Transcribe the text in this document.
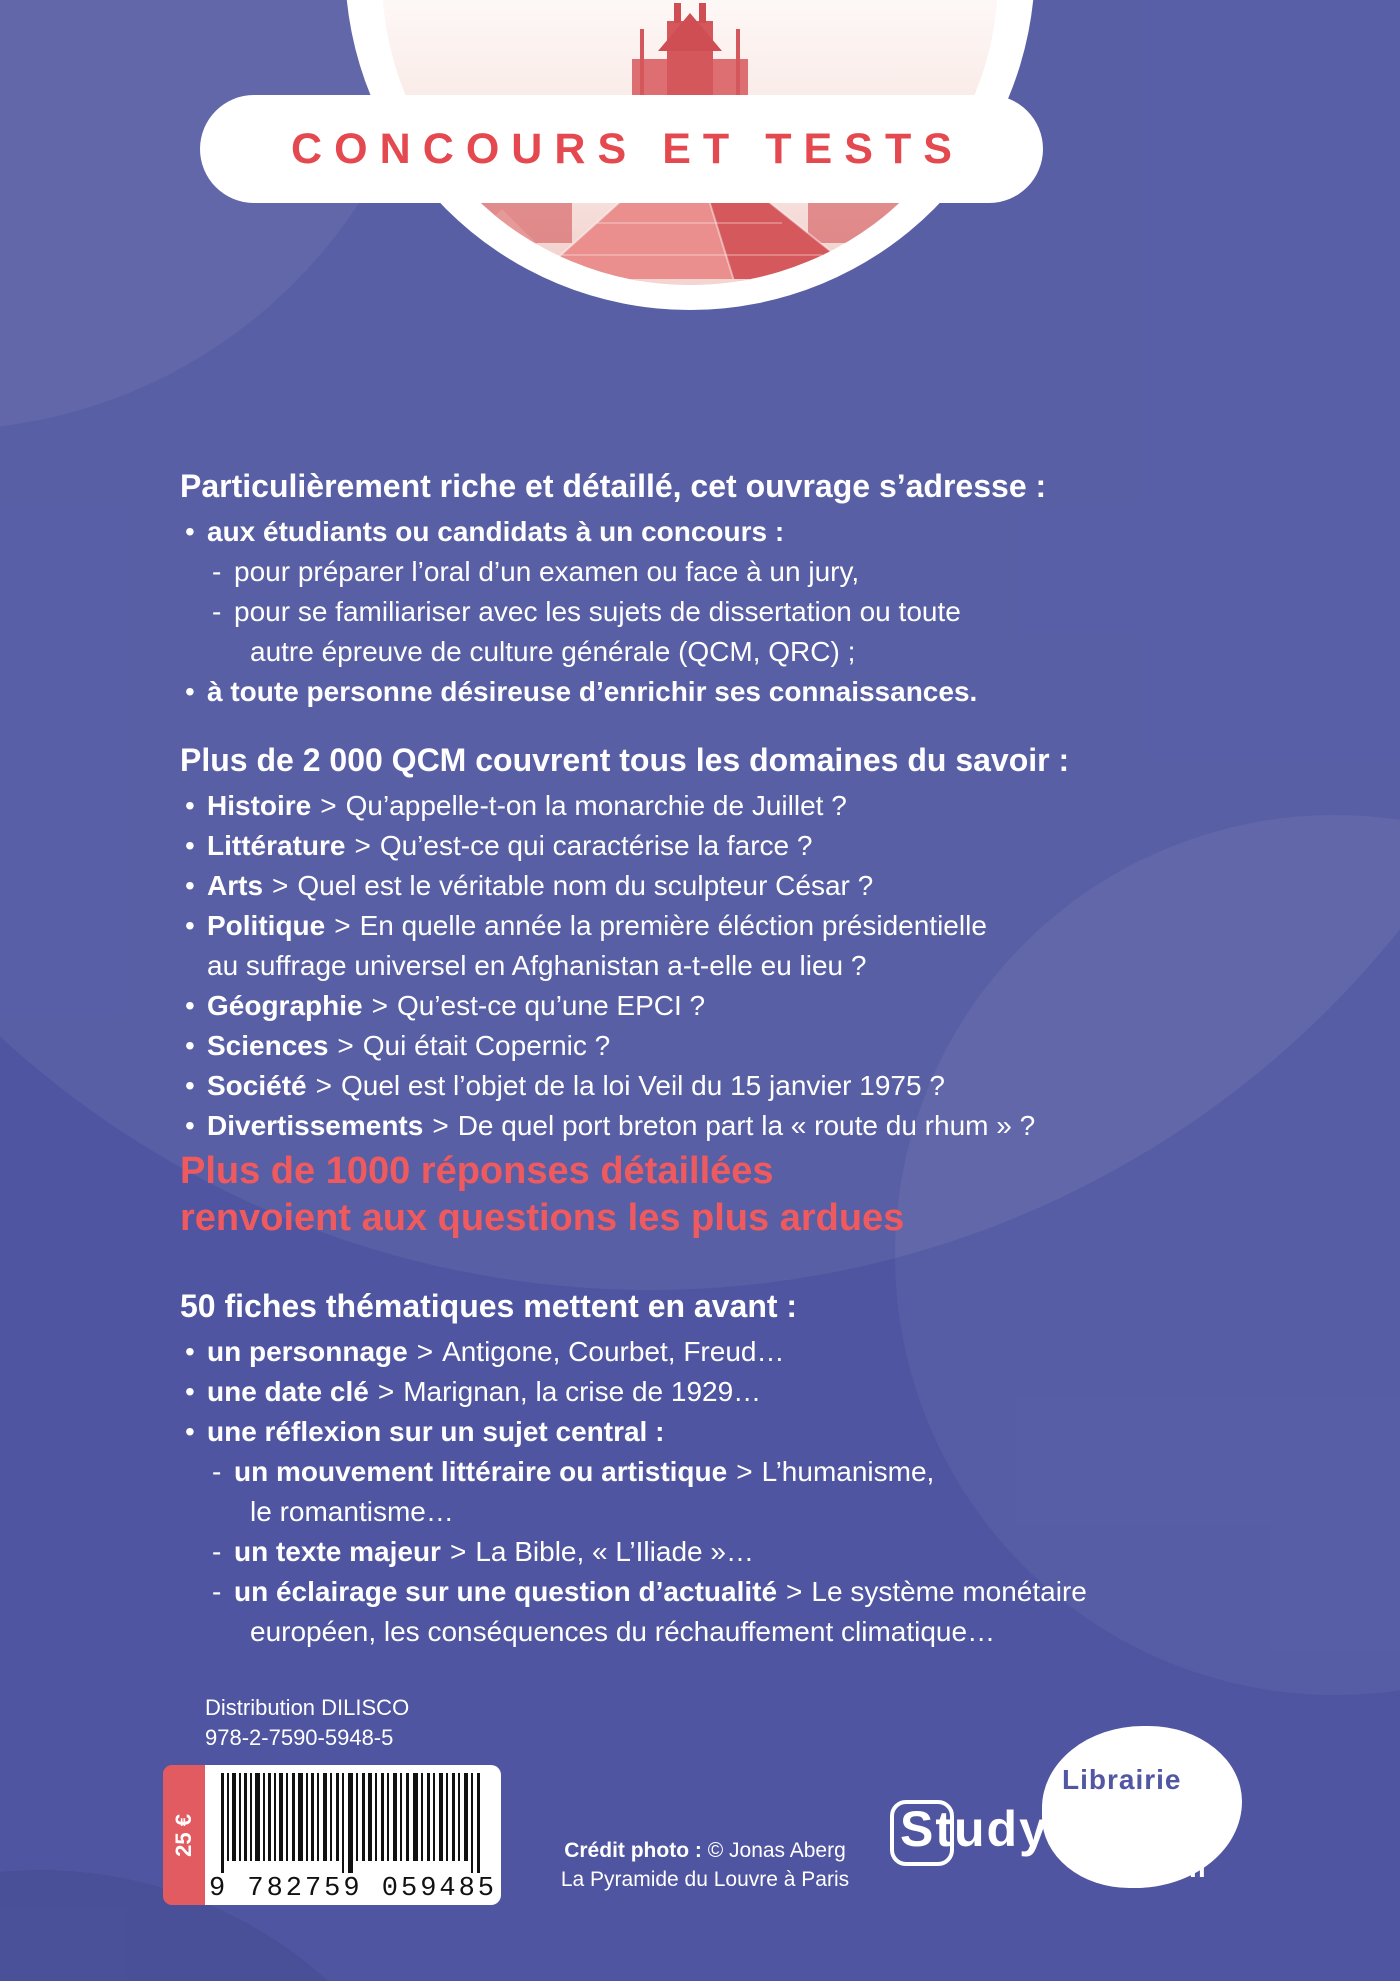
CONCOURS ET TESTS
Particulièrement riche et détaillé, cet ouvrage s’adresse :
• aux étudiants ou candidats à un concours :
- pour préparer l’oral d’un examen ou face à un jury,
- pour se familiariser avec les sujets de dissertation ou toute
autre épreuve de culture générale (QCM, QRC) ;
• à toute personne désireuse d’enrichir ses connaissances.
Plus de 2 000 QCM couvrent tous les domaines du savoir :
• Histoire > Qu’appelle-t-on la monarchie de Juillet ?
• Littérature > Qu’est-ce qui caractérise la farce ?
• Arts > Quel est le véritable nom du sculpteur César ?
• Politique > En quelle année la première éléction présidentielle
au suffrage universel en Afghanistan a-t-elle eu lieu ?
• Géographie > Qu’est-ce qu’une EPCI ?
• Sciences > Qui était Copernic ?
• Société > Quel est l’objet de la loi Veil du 15 janvier 1975 ?
• Divertissements > De quel port breton part la « route du rhum » ?
Plus de 1000 réponses détaillées
renvoient aux questions les plus ardues
50 fiches thématiques mettent en avant :
• un personnage > Antigone, Courbet, Freud…
• une date clé > Marignan, la crise de 1929…
• une réflexion sur un sujet central :
- un mouvement littéraire ou artistique > L’humanisme,
le romantisme…
- un texte majeur > La Bible, « L’Iliade »…
- un éclairage sur une question d’actualité > Le système monétaire
européen, les conséquences du réchauffement climatique…
Distribution DILISCO
978-2-7590-5948-5
25 €
9 782759 059485
Crédit photo : © Jonas Aberg
La Pyramide du Louvre à Paris
Librairie
Studyrama
.com
